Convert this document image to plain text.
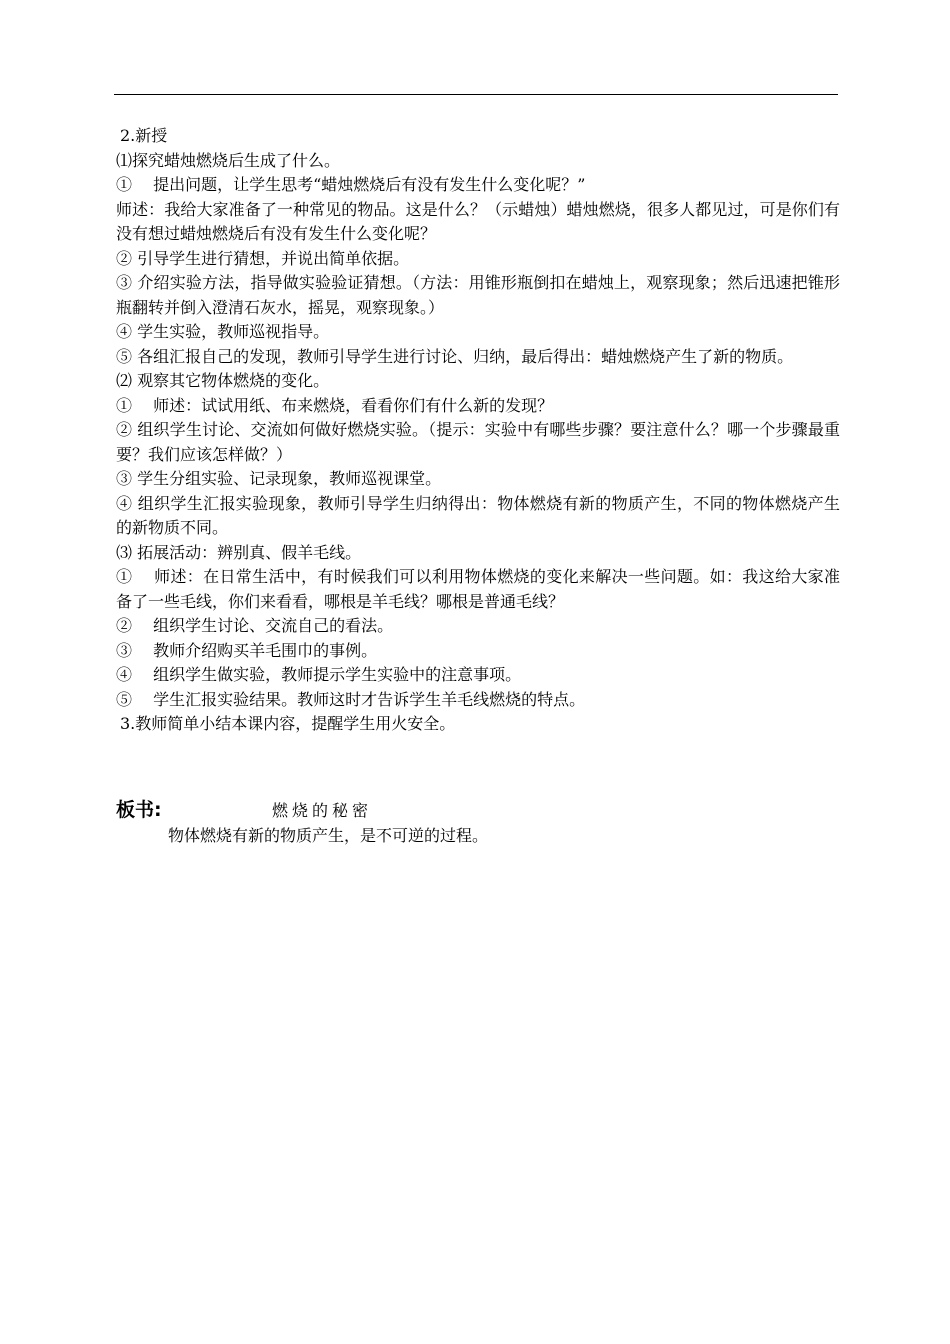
2.新授
⑴探究蜡烛燃烧后生成了什么。
①　 提出问题，让学生思考“蜡烛燃烧后有没有发生什么变化呢？”
师述：我给大家准备了一种常见的物品。这是什么？（示蜡烛）蜡烛燃烧，很多人都见过，可是你们有没有想过蜡烛燃烧后有没有发生什么变化呢？
② 引导学生进行猜想，并说出简单依据。
③ 介绍实验方法，指导做实验验证猜想。（方法：用锥形瓶倒扣在蜡烛上，观察现象；然后迅速把锥形瓶翻转并倒入澄清石灰水，摇晃，观察现象。）
④ 学生实验，教师巡视指导。
⑤ 各组汇报自己的发现，教师引导学生进行讨论、归纳，最后得出：蜡烛燃烧产生了新的物质。
⑵ 观察其它物体燃烧的变化。
①　 师述：试试用纸、布来燃烧，看看你们有什么新的发现？
② 组织学生讨论、交流如何做好燃烧实验。（提示：实验中有哪些步骤？要注意什么？哪一个步骤最重要？我们应该怎样做？）
③ 学生分组实验、记录现象，教师巡视课堂。
④ 组织学生汇报实验现象，教师引导学生归纳得出：物体燃烧有新的物质产生，不同的物体燃烧产生的新物质不同。
⑶ 拓展活动：辨别真、假羊毛线。
①　 师述：在日常生活中，有时候我们可以利用物体燃烧的变化来解决一些问题。如：我这给大家准备了一些毛线，你们来看看，哪根是羊毛线？哪根是普通毛线？
②　 组织学生讨论、交流自己的看法。
③　 教师介绍购买羊毛围巾的事例。
④　 组织学生做实验，教师提示学生实验中的注意事项。
⑤　 学生汇报实验结果。教师这时才告诉学生羊毛线燃烧的特点。
3.教师简单小结本课内容，提醒学生用火安全。
板书:	燃烧的秘密
物体燃烧有新的物质产生，是不可逆的过程。
